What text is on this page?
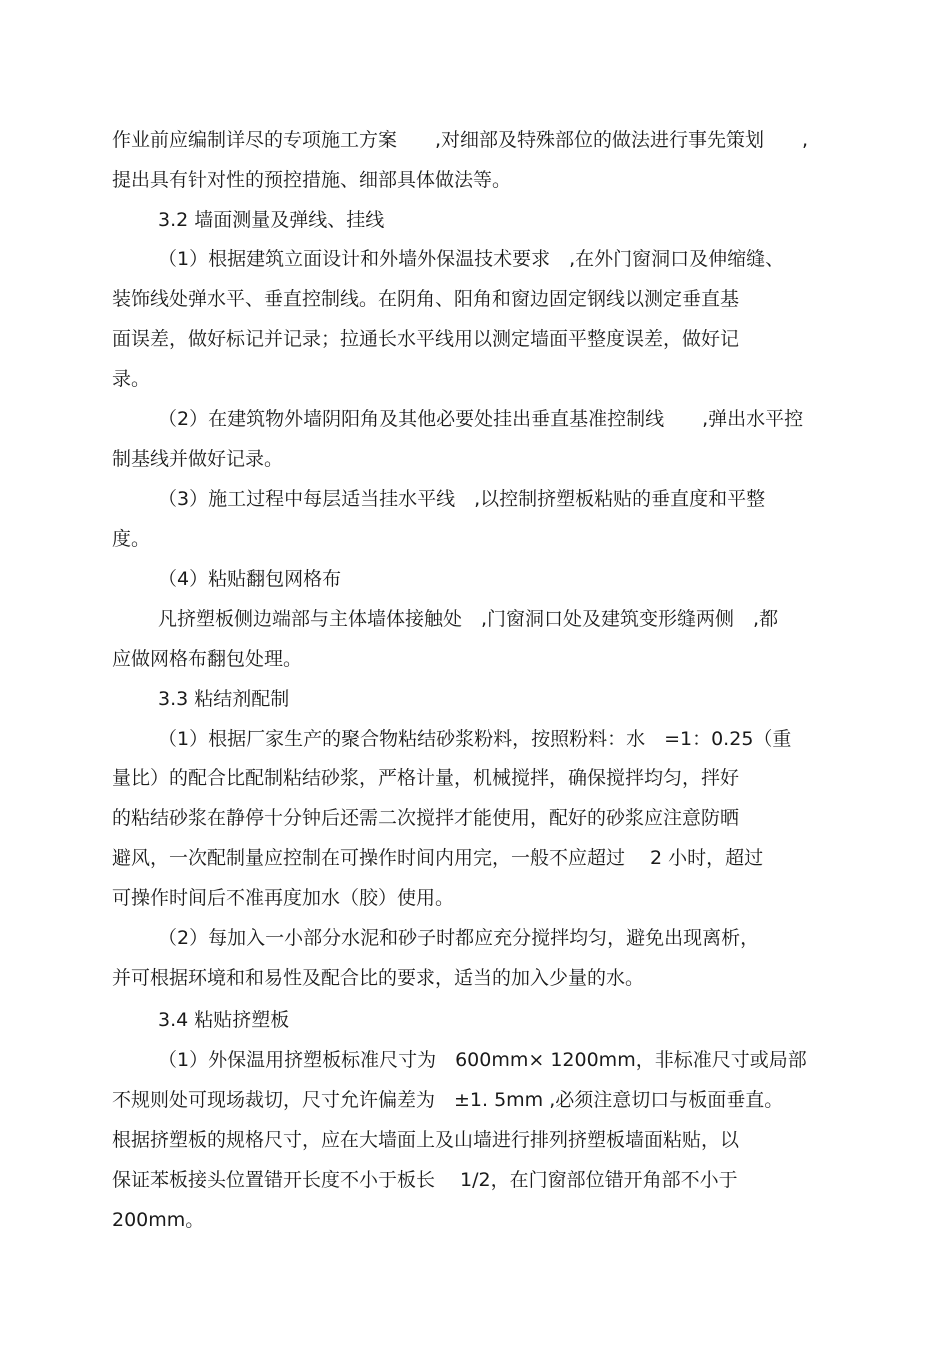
作业前应编制详尽的专项施工方案　　,对细部及特殊部位的做法进行事先策划　　,
提出具有针对性的预控措施、细部具体做法等。
3.2 墙面测量及弹线、挂线
（1）根据建筑立面设计和外墙外保温技术要求　,在外门窗洞口及伸缩缝、
装饰线处弹水平、垂直控制线。在阴角、阳角和窗边固定钢线以测定垂直基
面误差，做好标记并记录；拉通长水平线用以测定墙面平整度误差，做好记
录。
（2）在建筑物外墙阴阳角及其他必要处挂出垂直基准控制线　　,弹出水平控
制基线并做好记录。
（3）施工过程中每层适当挂水平线　,以控制挤塑板粘贴的垂直度和平整
度。
（4）粘贴翻包网格布
凡挤塑板侧边端部与主体墙体接触处　,门窗洞口处及建筑变形缝两侧　,都
应做网格布翻包处理。
3.3 粘结剂配制
（1）根据厂家生产的聚合物粘结砂浆粉料，按照粉料：水　=1：0.25（重
量比）的配合比配制粘结砂浆，严格计量，机械搅拌，确保搅拌均匀，拌好
的粘结砂浆在静停十分钟后还需二次搅拌才能使用，配好的砂浆应注意防晒
避风，一次配制量应控制在可操作时间内用完，一般不应超过　 2 小时，超过
可操作时间后不准再度加水（胶）使用。
（2）每加入一小部分水泥和砂子时都应充分搅拌均匀，避免出现离析，
并可根据环境和和易性及配合比的要求，适当的加入少量的水。
3.4 粘贴挤塑板
（1）外保温用挤塑板标准尺寸为　600mm× 1200mm，非标准尺寸或局部
不规则处可现场裁切，尺寸允许偏差为　±1. 5mm ,必须注意切口与板面垂直。
根据挤塑板的规格尺寸，应在大墙面上及山墙进行排列挤塑板墙面粘贴，以
保证苯板接头位置错开长度不小于板长　 1/2，在门窗部位错开角部不小于
200mm。
